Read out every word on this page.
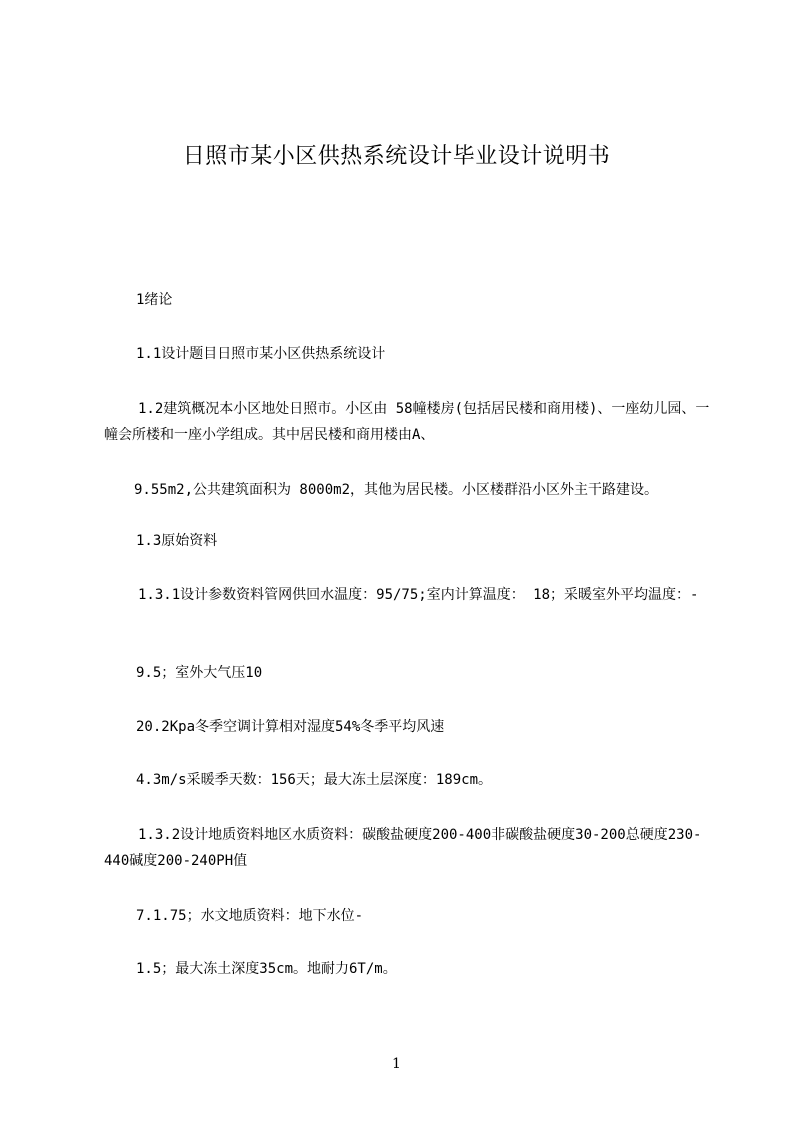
日照市某小区供热系统设计毕业设计说明书

1绪论

1.1设计题目日照市某小区供热系统设计

1.2建筑概况本小区地处日照市。小区由 58幢楼房(包括居民楼和商用楼)、一座幼儿园、一幢会所楼和一座小学组成。其中居民楼和商用楼由A、

9.55m2,公共建筑面积为 8000m2，其他为居民楼。小区楼群沿小区外主干路建设。

1.3原始资料

1.3.1设计参数资料管网供回水温度：95/75;室内计算温度： 18；采暖室外平均温度：-

9.5；室外大气压10

20.2Kpa冬季空调计算相对湿度54%冬季平均风速

4.3m/s采暖季天数：156天；最大冻土层深度：189cm。

1.3.2设计地质资料地区水质资料：碳酸盐硬度200-400非碳酸盐硬度30-200总硬度230-440碱度200-240PH值

7.1.75；水文地质资料：地下水位-

1.5；最大冻土深度35cm。地耐力6T/m。

1
